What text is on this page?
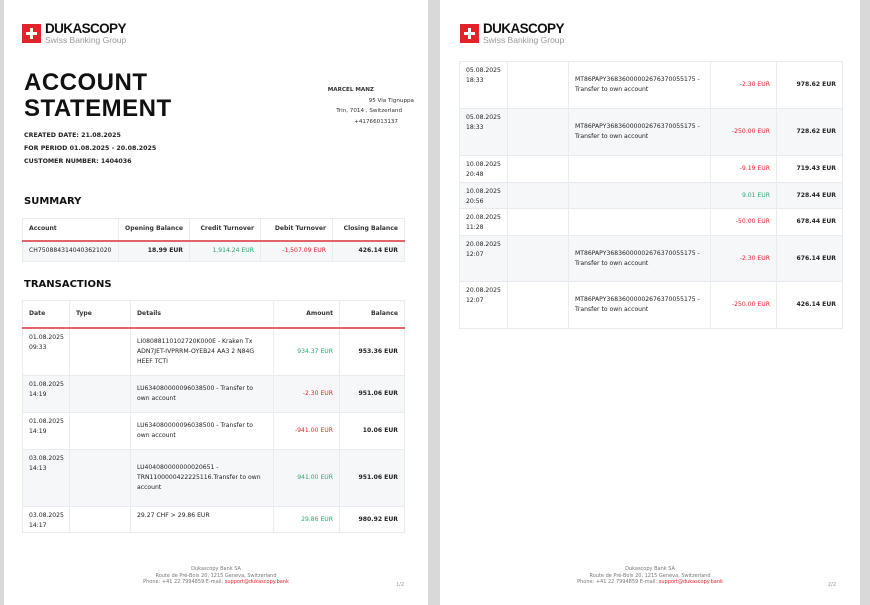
DUKASCOPY
Swiss Banking Group
ACCOUNT
STATEMENT
CREATED DATE: 21.08.2025
FOR PERIOD 01.08.2025 - 20.08.2025
CUSTOMER NUMBER: 1404036
MARCEL MANZ
95 Via Tignuppa
Trin, 7014 , Switzerland
+41766013137
SUMMARY
Account	Opening Balance	Credit Turnover	Debit Turnover	Closing Balance
CH7508843140403621020	18.99 EUR	1,914.24 EUR	-1,507.09 EUR	426.14 EUR
TRANSACTIONS
Date	Type	Details	Amount	Balance

01.08.2025
09:33		LI08088110102720K000E - Kraken Tx ADN7JET-IVPRRM-OYEB24 AA3 2 N84G HEEF TCTI	934.37 EUR	953.36 EUR

01.08.2025
14:19		LU634080000096038500 - Transfer to own account	-2.30 EUR	951.06 EUR

01.08.2025
14:19		LU634080000096038500 - Transfer to own account	-941.00 EUR	10.06 EUR

03.08.2025
14:13		LU404080000000020651 - TRN1100000422225116.Transfer to own account	941.00 EUR	951.06 EUR

03.08.2025
14:17		29.27 CHF > 29.86 EUR	29.86 EUR	980.92 EUR
Dukascopy Bank SA
Route de Pré-Bois 20, 1215 Geneva, Switzerland
Phone: +41 22 7994859 E-mail: support@dukascopy.bank	1/2
DUKASCOPY
Swiss Banking Group
05.08.2025
18:33		MT86PAPY36836000002676370055175 - Transfer to own account	-2.30 EUR	978.62 EUR

05.08.2025
18:33		MT86PAPY36836000002676370055175 - Transfer to own account	-250.00 EUR	728.62 EUR

10.08.2025
20:48			-9.19 EUR	719.43 EUR

10.08.2025
20:56			9.01 EUR	728.44 EUR

20.08.2025
11:28			-50.00 EUR	678.44 EUR

20.08.2025
12:07		MT86PAPY36836000002676370055175 - Transfer to own account	-2.30 EUR	676.14 EUR

20.08.2025
12:07		MT86PAPY36836000002676370055175 - Transfer to own account	-250.00 EUR	426.14 EUR
Dukascopy Bank SA
Route de Pré-Bois 20, 1215 Geneva, Switzerland
Phone: +41 22 7994859 E-mail: support@dukascopy.bank	2/2
